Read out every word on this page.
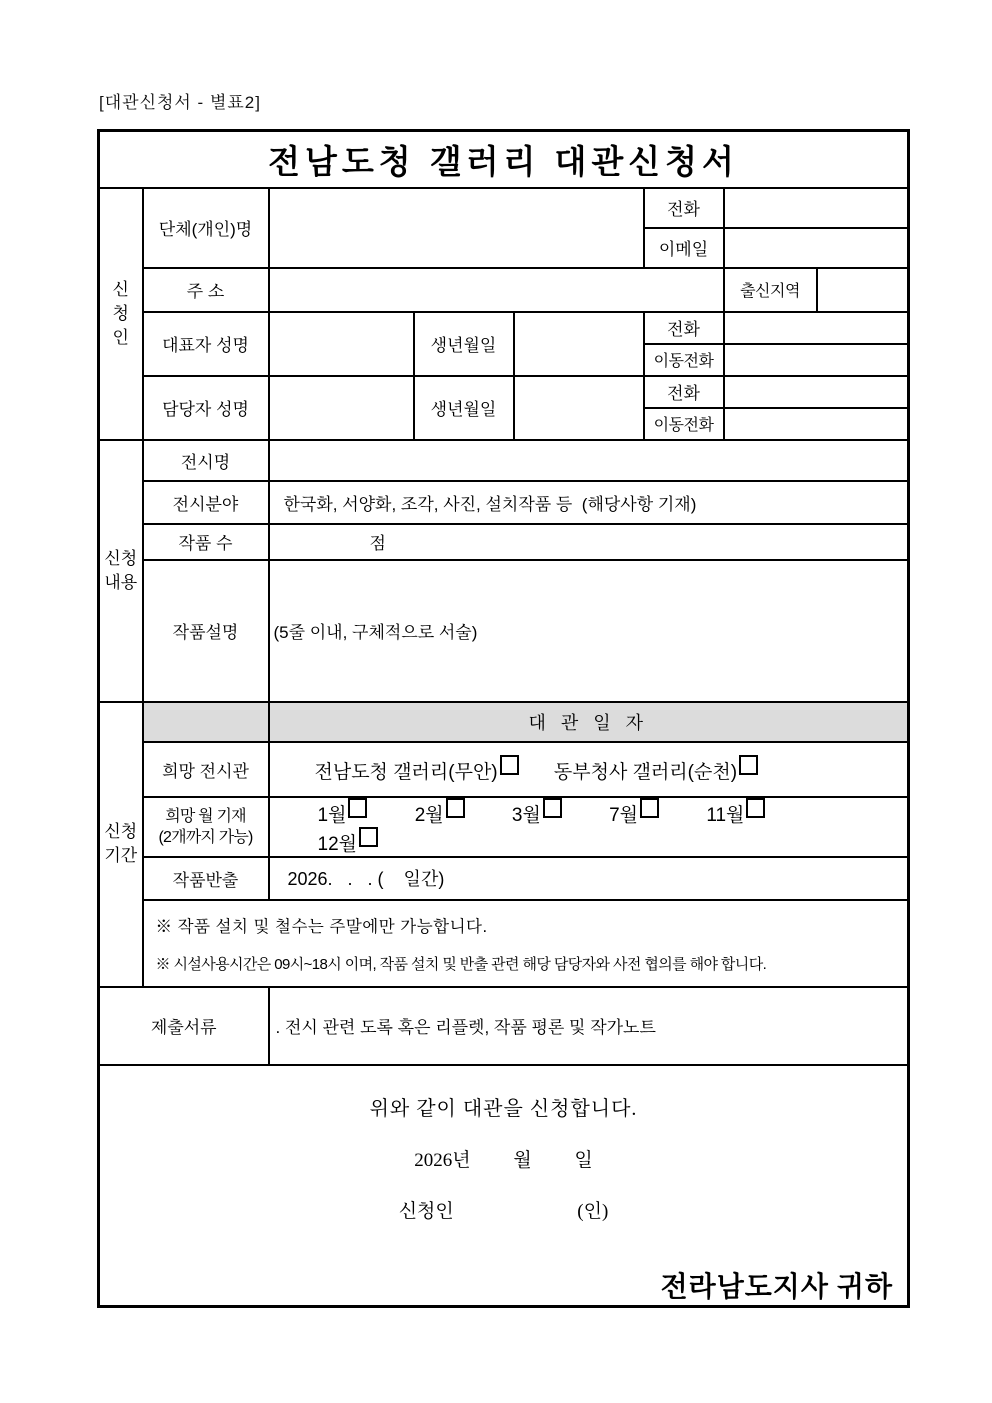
[대관신청서 - 별표2]
전남도청 갤러리 대관신청서							

신
청
인	단체(개인)명				전화		
					이메일		
	주 소					출신지역	
	대표자 성명		생년월일		전화		
					이동전화		
	담당자 성명		생년월일		전화		
					이동전화		

신청
내용	전시명						
	전시분야	한국화, 서양화, 조각, 사진, 설치작품 등  (해당사항 기재)					
	작품 수	점					
	작품설명	(5줄 이내, 구체적으로 서술)					

신청
기간		대 관 일 자					
	희망 전시관	전남도청 갤러리(무안) 동부청사 갤러리(순천)					

	희망 월 기재
(2개까지 가능)	1월 2월 3월 7월 11월 12월					
	작품반출	2026.   .   . (    일간)					

	※ 작품 설치 및 철수는 주말에만 가능합니다.
※ 시설사용시간은 09시~18시 이며, 작품 설치 및 반출 관련 해당 담당자와 사전 협의를 해야 합니다.						

제출서류		. 전시 관련 도록 혹은 리플렛, 작품 평론 및 작가노트					

위와 같이 대관을 신청합니다.
2026년         월         일
신청인                          (인)
전라남도지사 귀하							
